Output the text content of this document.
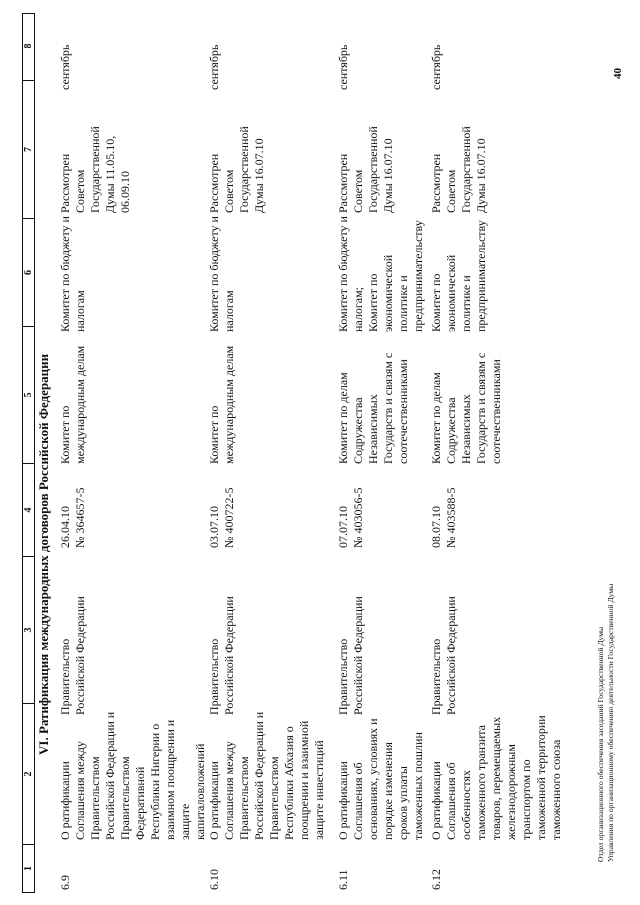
1
2
3
4
5
6
7
8
VI. Ратификация международных договоров Российской Федерации
6.9
О ратификации
Соглашения между
Правительством
Российской Федерации и
Правительством
Федеративной
Республики Нигерии о
взаимном поощрении и
защите
капиталовложений
Правительство
Российской Федерации
26.04.10
№ 364657-5
Комитет по
международным делам
Комитет по бюджету и
налогам
Рассмотрен
Советом
Государственной
Думы 11.05.10,
06.09.10
сентябрь
6.10
О ратификации
Соглашения между
Правительством
Российской Федерации и
Правительством
Республики Абхазия о
поощрении и взаимной
защите инвестиций
Правительство
Российской Федерации
03.07.10
№ 400722-5
Комитет по
международным делам
Комитет по бюджету и
налогам
Рассмотрен
Советом
Государственной
Думы 16.07.10
сентябрь
6.11
О ратификации
Соглашения об
основаниях, условиях и
порядке изменения
сроков уплаты
таможенных пошлин
Правительство
Российской Федерации
07.07.10
№ 403056-5
Комитет по делам
Содружества
Независимых
Государств и связям с
соотечественниками
Комитет по бюджету и
налогам;
Комитет по
экономической
политике и
предпринимательству
Рассмотрен
Советом
Государственной
Думы 16.07.10
сентябрь
6.12
О ратификации
Соглашения об
особенностях
таможенного транзита
товаров, перемещаемых
железнодорожным
транспортом по
таможенной территории
таможенного союза
Правительство
Российской Федерации
08.07.10
№ 403588-5
Комитет по делам
Содружества
Независимых
Государств и связям с
соотечественниками
Комитет по
экономической
политике и
предпринимательству
Рассмотрен
Советом
Государственной
Думы 16.07.10
сентябрь
Отдел организационного обеспечения заседаний Государственной Думы
Управления по организационному обеспечению деятельности Государственной Думы
40
